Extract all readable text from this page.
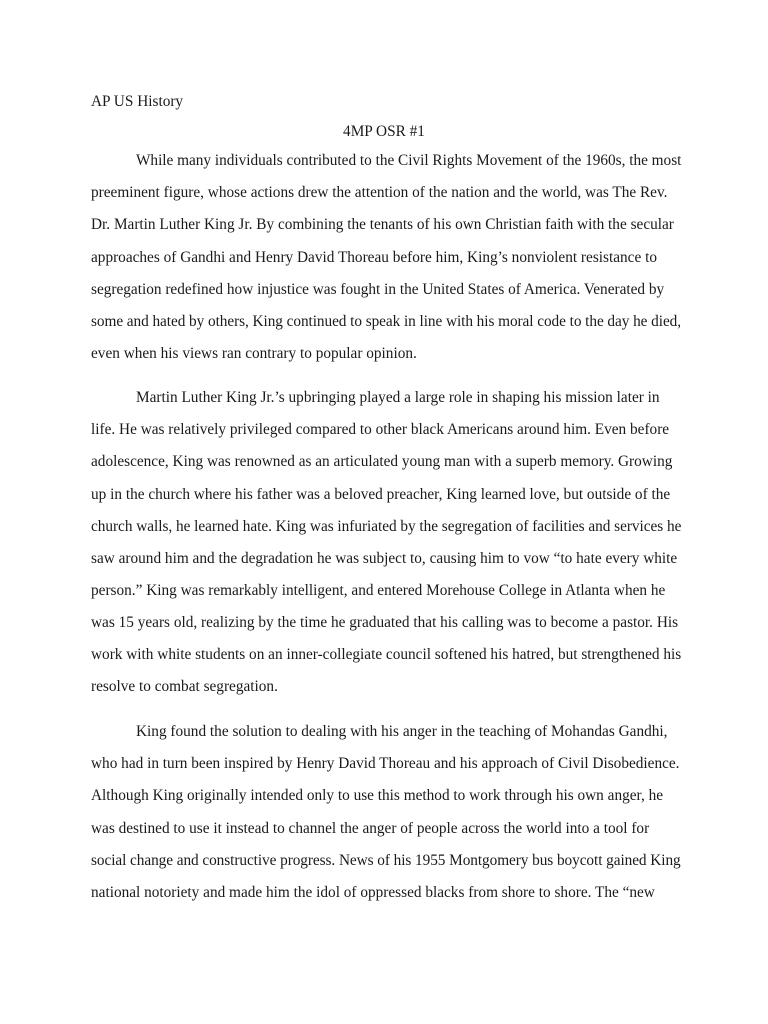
AP US History
4MP OSR #1
While many individuals contributed to the Civil Rights Movement of the 1960s, the most
preeminent figure, whose actions drew the attention of the nation and the world, was The Rev.
Dr. Martin Luther King Jr. By combining the tenants of his own Christian faith with the secular
approaches of Gandhi and Henry David Thoreau before him, King’s nonviolent resistance to
segregation redefined how injustice was fought in the United States of America. Venerated by
some and hated by others, King continued to speak in line with his moral code to the day he died,
even when his views ran contrary to popular opinion.
Martin Luther King Jr.’s upbringing played a large role in shaping his mission later in
life. He was relatively privileged compared to other black Americans around him. Even before
adolescence, King was renowned as an articulated young man with a superb memory. Growing
up in the church where his father was a beloved preacher, King learned love, but outside of the
church walls, he learned hate. King was infuriated by the segregation of facilities and services he
saw around him and the degradation he was subject to, causing him to vow “to hate every white
person.” King was remarkably intelligent, and entered Morehouse College in Atlanta when he
was 15 years old, realizing by the time he graduated that his calling was to become a pastor. His
work with white students on an inner-collegiate council softened his hatred, but strengthened his
resolve to combat segregation.
King found the solution to dealing with his anger in the teaching of Mohandas Gandhi,
who had in turn been inspired by Henry David Thoreau and his approach of Civil Disobedience.
Although King originally intended only to use this method to work through his own anger, he
was destined to use it instead to channel the anger of people across the world into a tool for
social change and constructive progress. News of his 1955 Montgomery bus boycott gained King
national notoriety and made him the idol of oppressed blacks from shore to shore. The “new
